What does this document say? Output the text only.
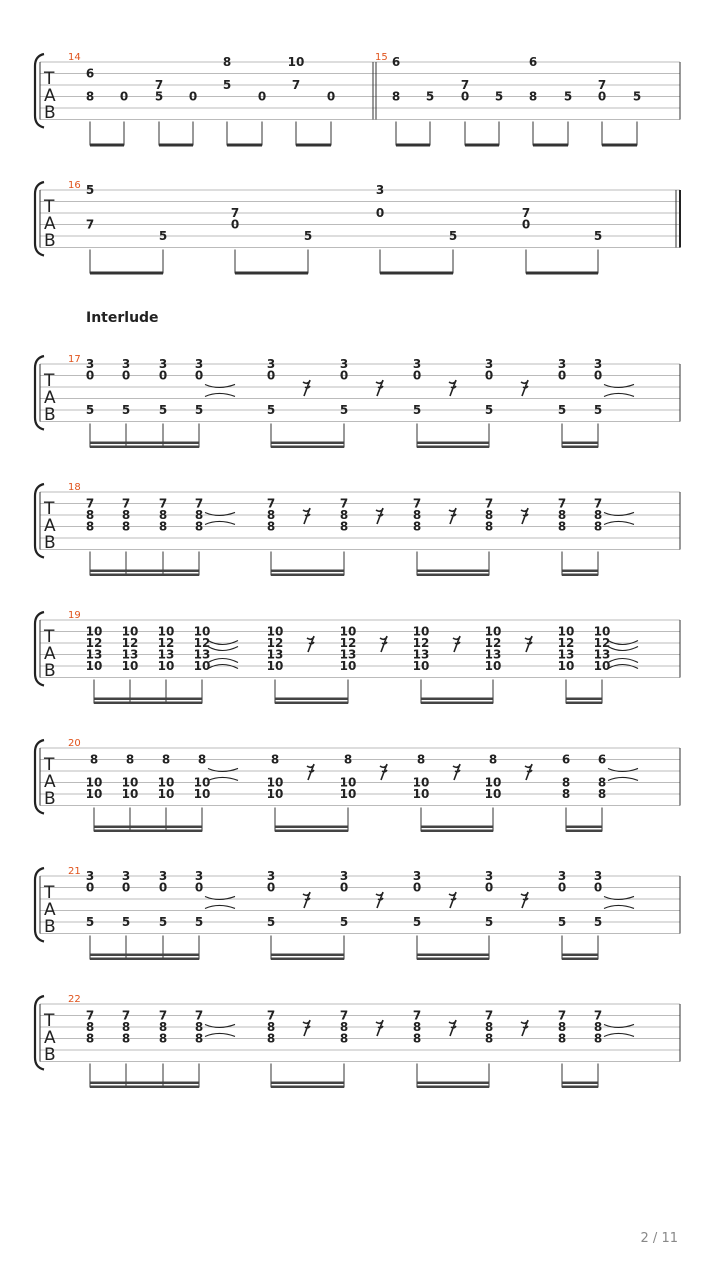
T
A
B
14
6
8 0
7
5 0
8
5
0
10
7
0
15 6
8 5
7
0 5
6
8 5
7
0 5
T
A
B
16 5
7
5
7
0
5
3
0
5
7
0
5
T
A
B
17 3
0
5
3
0
5
3
0
5
3
0
5
3
0
5
3
0
5
3
0
5
3
0
5
3
0
5
3
0
5
T
A
B
18
7
8
8
7
8
8
7
8
8
7
8
8
7
8
8
7
8
8
7
8
8
7
8
8
7
8
8
7
8
8
T
A
B
19
10
12
13
10
10
12
13
10
10
12
13
10
10
12
13
10
10
12
13
10
10
12
13
10
10
12
13
10
10
12
13
10
10
12
13
10
10
12
13
10
T
A
B
20
8
10
10
8
10
10
8
10
10
8
10
10
8
10
10
8
10
10
8
10
10
8
10
10
6
8
8
6
8
8
T
A
B
21 3
0
5
3
0
5
3
0
5
3
0
5
3
0
5
3
0
5
3
0
5
3
0
5
3
0
5
3
0
5
T
A
B
22
7
8
8
7
8
8
7
8
8
7
8
8
7
8
8
7
8
8
7
8
8
7
8
8
7
8
8
7
8
8
Interlude
2 / 11
